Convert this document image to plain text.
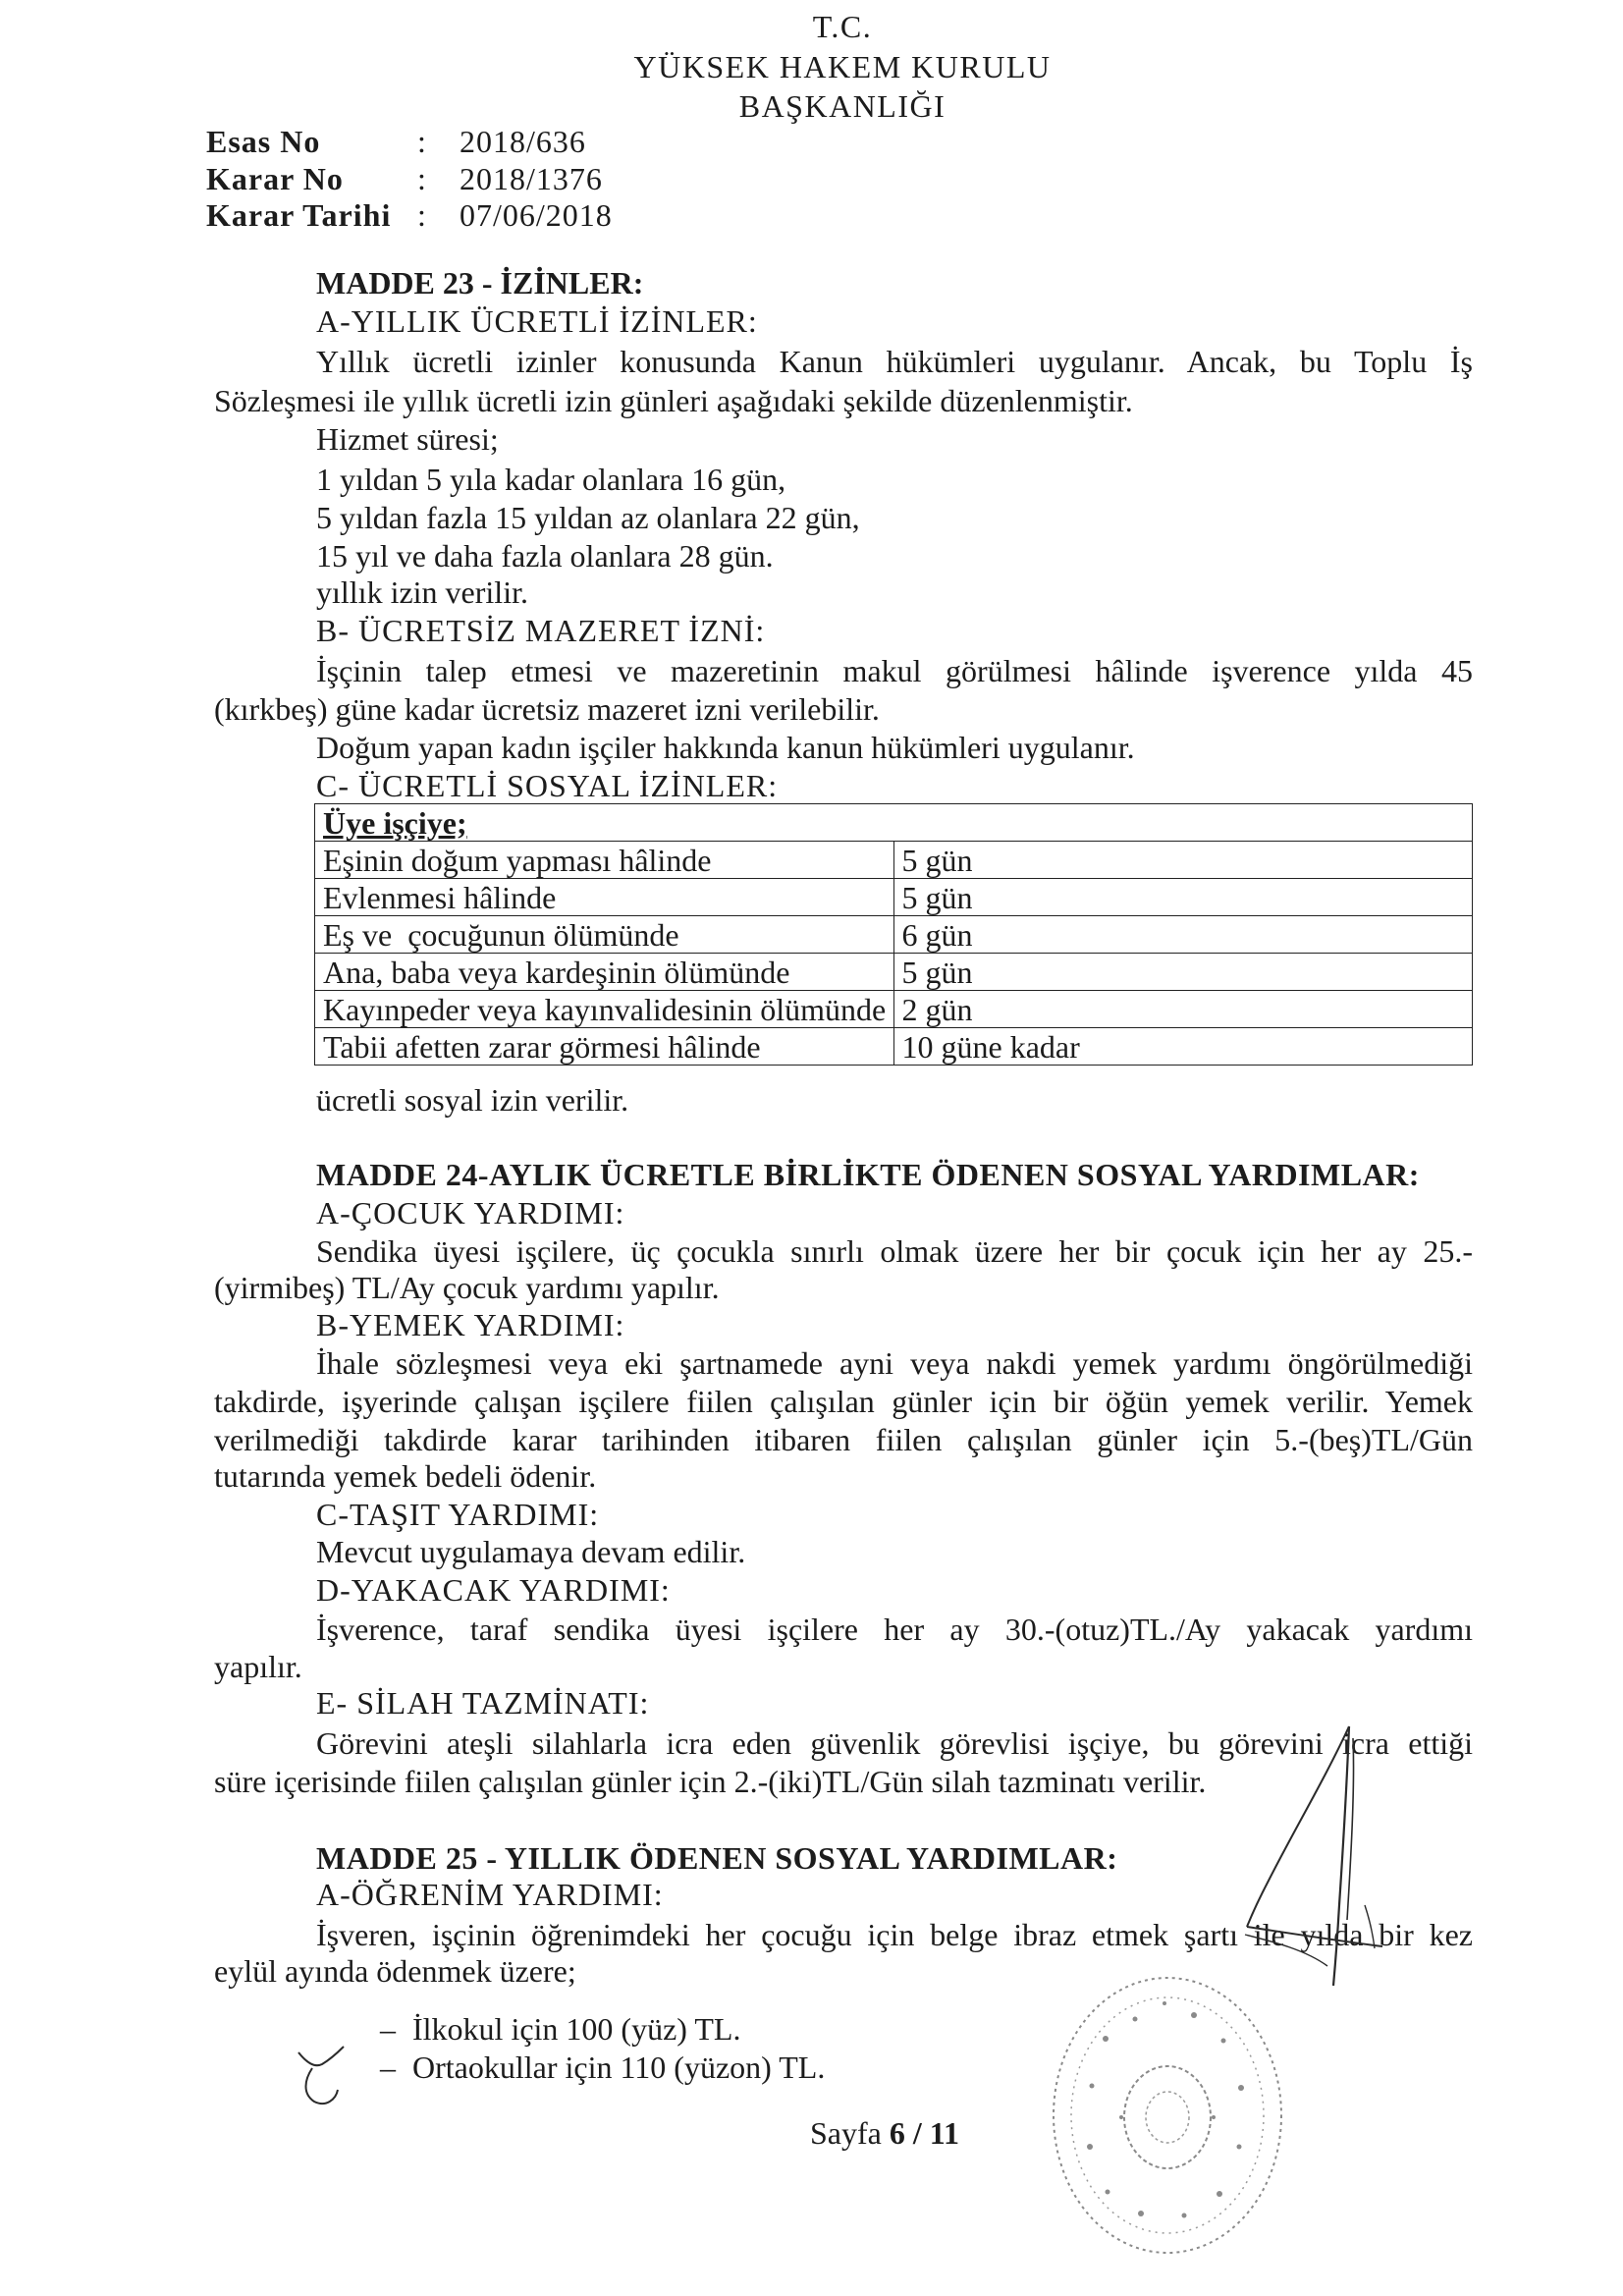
T.C.
YÜKSEK HAKEM KURULU
BAŞKANLIĞI
Esas No	: 2018/636
Karar No : 2018/1376
Karar Tarihi : 07/06/2018
MADDE 23 - İZİNLER:
A-YILLIK ÜCRETLİ İZİNLER:
Yıllık ücretli izinler konusunda Kanun hükümleri uygulanır. Ancak, bu Toplu İş
Sözleşmesi ile yıllık ücretli izin günleri aşağıdaki şekilde düzenlenmiştir.
Hizmet süresi;
1 yıldan 5 yıla kadar olanlara 16 gün,
5 yıldan fazla 15 yıldan az olanlara 22 gün,
15 yıl ve daha fazla olanlara 28 gün.
yıllık izin verilir.
B- ÜCRETSİZ MAZERET İZNİ:
İşçinin talep etmesi ve mazeretinin makul görülmesi hâlinde işverence yılda 45
(kırkbeş) güne kadar ücretsiz mazeret izni verilebilir.
Doğum yapan kadın işçiler hakkında kanun hükümleri uygulanır.
C- ÜCRETLİ SOSYAL İZİNLER:
Üye işçiye;	
Eşinin doğum yapması hâlinde	5 gün
Evlenmesi hâlinde	5 gün
Eş ve  çocuğunun ölümünde	6 gün
Ana, baba veya kardeşinin ölümünde	5 gün
Kayınpeder veya kayınvalidesinin ölümünde	2 gün
Tabii afetten zarar görmesi hâlinde	10 güne kadar
ücretli sosyal izin verilir.
MADDE 24-AYLIK ÜCRETLE BİRLİKTE ÖDENEN SOSYAL YARDIMLAR:
A-ÇOCUK YARDIMI:
Sendika üyesi işçilere, üç çocukla sınırlı olmak üzere her bir çocuk için her ay 25.-
(yirmibeş) TL/Ay çocuk yardımı yapılır.
B-YEMEK YARDIMI:
İhale sözleşmesi veya eki şartnamede ayni veya nakdi yemek yardımı öngörülmediği
takdirde, işyerinde çalışan işçilere fiilen çalışılan günler için bir öğün yemek verilir. Yemek
verilmediği takdirde karar tarihinden itibaren fiilen çalışılan günler için 5.-(beş)TL/Gün
tutarında yemek bedeli ödenir.
C-TAŞIT YARDIMI:
Mevcut uygulamaya devam edilir.
D-YAKACAK YARDIMI:
İşverence, taraf sendika üyesi işçilere her ay 30.-(otuz)TL./Ay yakacak yardımı
yapılır.
E- SİLAH TAZMİNATI:
Görevini ateşli silahlarla icra eden güvenlik görevlisi işçiye, bu görevini icra ettiği
süre içerisinde fiilen çalışılan günler için 2.-(iki)TL/Gün silah tazminatı verilir.
MADDE 25 - YILLIK ÖDENEN SOSYAL YARDIMLAR:
A-ÖĞRENİM YARDIMI:
İşveren, işçinin öğrenimdeki her çocuğu için belge ibraz etmek şartı ile yılda bir kez
eylül ayında ödenmek üzere;
– İlkokul için 100 (yüz) TL.
– Ortaokullar için 110 (yüzon) TL.
Sayfa 6 / 11
